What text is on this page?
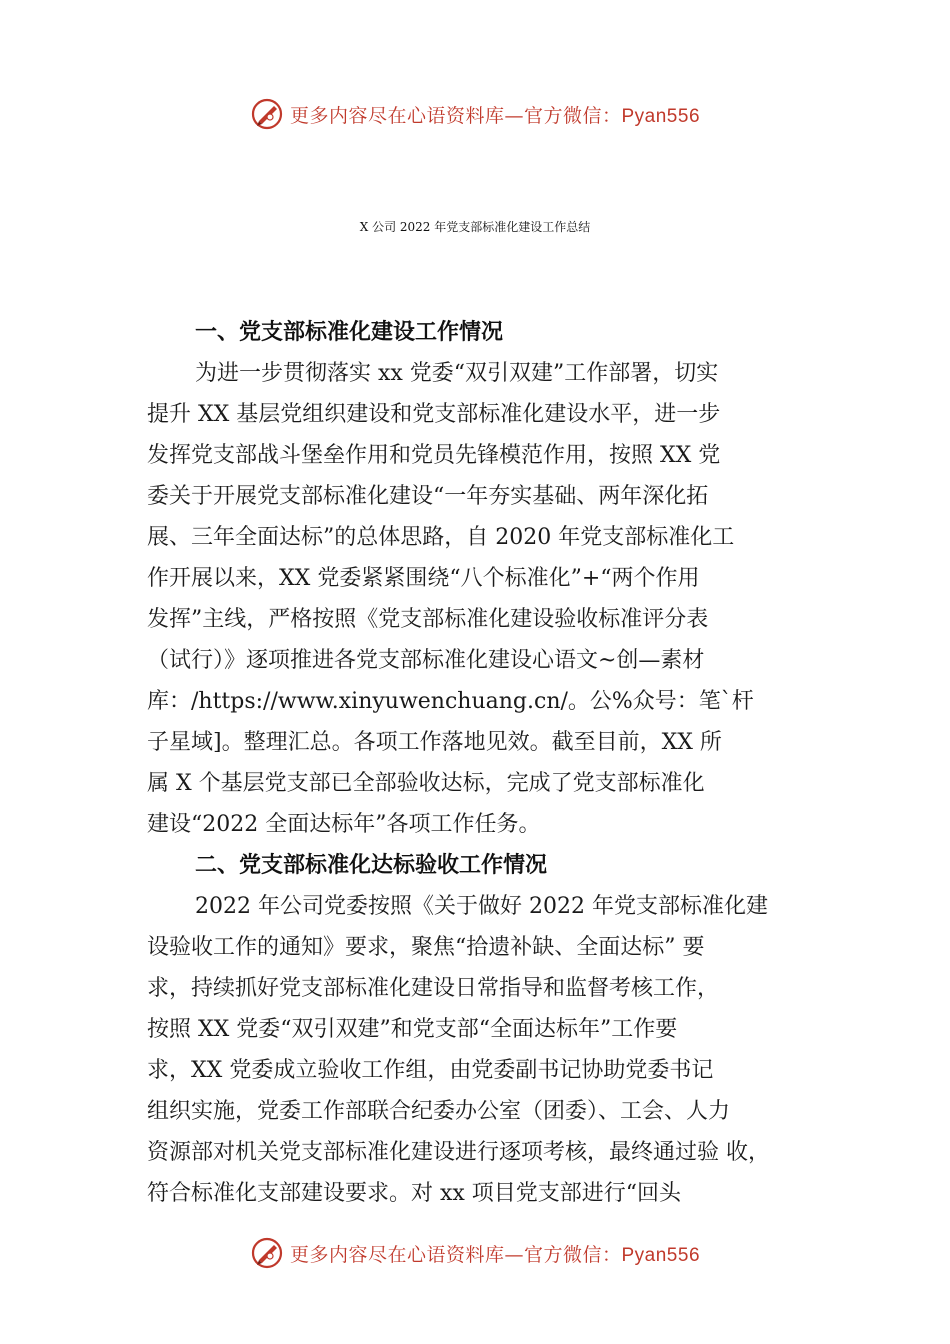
更多内容尽在心语资料库—官方微信：Pyan556
X 公司 2022 年党支部标准化建设工作总结
一、党支部标准化建设工作情况
为进一步贯彻落实 xx 党委“双引双建”工作部署，切实
提升 XX 基层党组织建设和党支部标准化建设水平，进一步
发挥党支部战斗堡垒作用和党员先锋模范作用，按照 XX 党
委关于开展党支部标准化建设“一年夯实基础、两年深化拓
展、三年全面达标”的总体思路，自 2020 年党支部标准化工
作开展以来，XX 党委紧紧围绕“八个标准化”+“两个作用
发挥”主线，严格按照《党支部标准化建设验收标准评分表
（试行）》逐项推进各党支部标准化建设心语文~创—素材
库：/https://www.xinyuwenchuang.cn/。公%众号：笔`杆
子星域]。整理汇总。各项工作落地见效。截至目前，XX 所
属 X 个基层党支部已全部验收达标，完成了党支部标准化
建设“2022 全面达标年”各项工作任务。
二、党支部标准化达标验收工作情况
2022 年公司党委按照《关于做好 2022 年党支部标准化建
设验收工作的通知》要求，聚焦“拾遗补缺、全面达标” 要
求，持续抓好党支部标准化建设日常指导和监督考核工作，
按照 XX 党委“双引双建”和党支部“全面达标年”工作要
求，XX 党委成立验收工作组，由党委副书记协助党委书记
组织实施，党委工作部联合纪委办公室（团委）、工会、人力
资源部对机关党支部标准化建设进行逐项考核，最终通过验 收，
符合标准化支部建设要求。对 xx 项目党支部进行“回头
更多内容尽在心语资料库—官方微信：Pyan556
